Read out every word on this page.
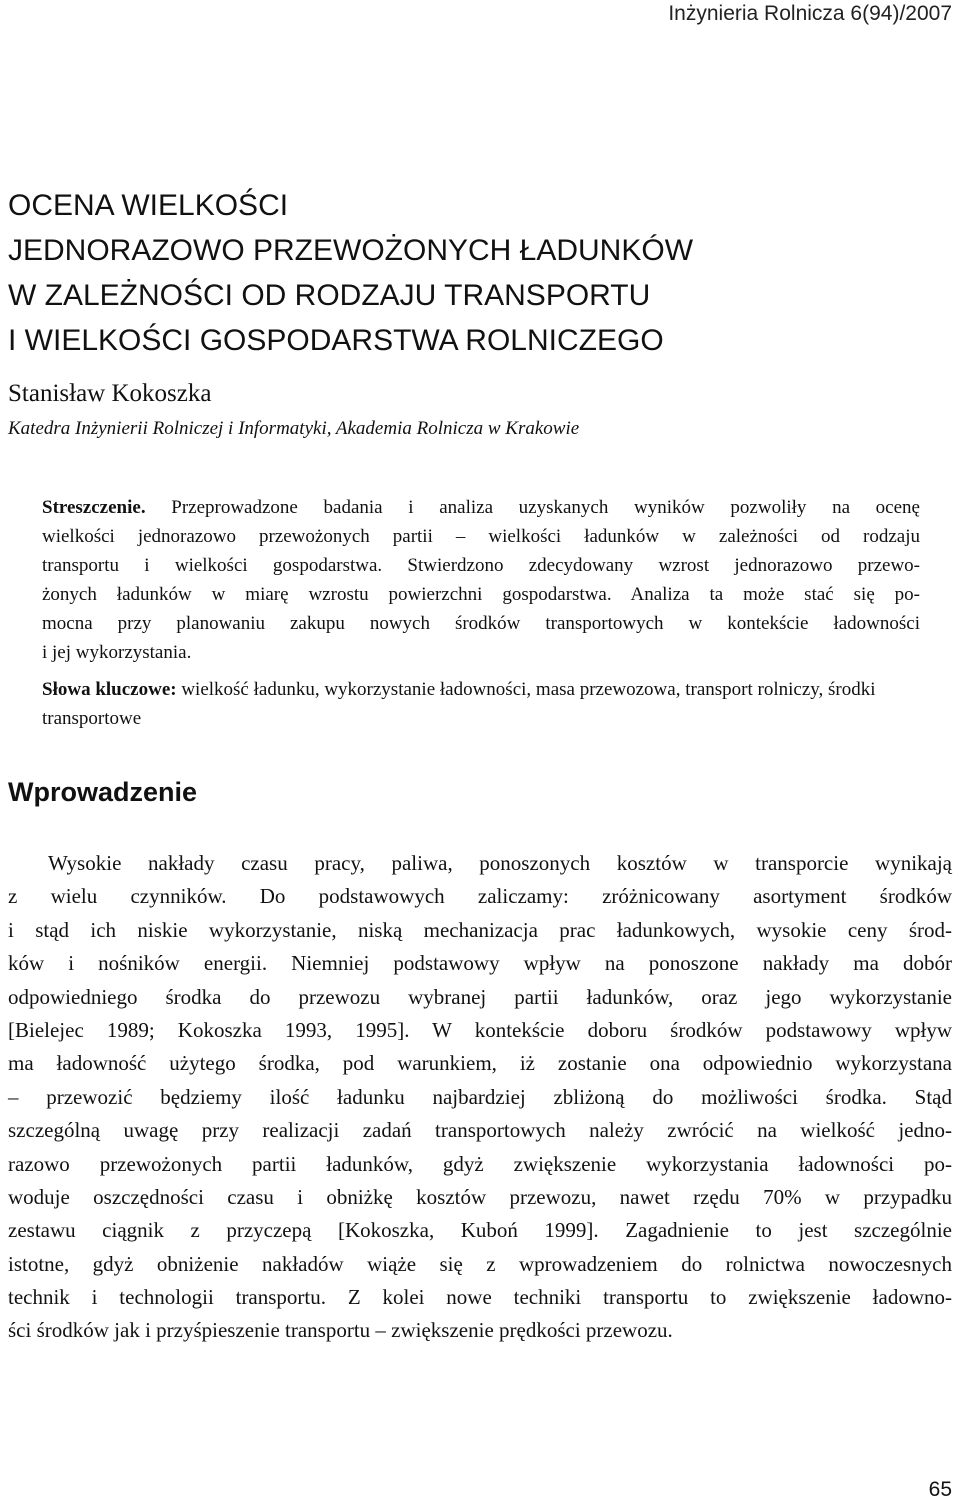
Inżynieria Rolnicza 6(94)/2007
OCENA WIELKOŚCI
JEDNORAZOWO PRZEWOŻONYCH ŁADUNKÓW
W ZALEŻNOŚCI OD RODZAJU TRANSPORTU
I WIELKOŚCI GOSPODARSTWA ROLNICZEGO
Stanisław Kokoszka
Katedra Inżynierii Rolniczej i Informatyki, Akademia Rolnicza w Krakowie
Streszczenie. Przeprowadzone badania i analiza uzyskanych wyników pozwoliły na ocenę
wielkości jednorazowo przewożonych partii – wielkości ładunków w zależności od rodzaju
transportu i wielkości gospodarstwa. Stwierdzono zdecydowany wzrost jednorazowo przewo-
żonych ładunków w miarę wzrostu powierzchni gospodarstwa. Analiza ta może stać się po-
mocna przy planowaniu zakupu nowych środków transportowych w kontekście ładowności
i jej wykorzystania.
Słowa kluczowe: wielkość ładunku, wykorzystanie ładowności, masa przewozowa, transport rolniczy, środki transportowe
Wprowadzenie
Wysokie nakłady czasu pracy, paliwa, ponoszonych kosztów w transporcie wynikają
z wielu czynników. Do podstawowych zaliczamy: zróżnicowany asortyment środków
i stąd ich niskie wykorzystanie, niską mechanizacja prac ładunkowych, wysokie ceny środ-
ków i nośników energii. Niemniej podstawowy wpływ na ponoszone nakłady ma dobór
odpowiedniego środka do przewozu wybranej partii ładunków, oraz jego wykorzystanie
[Bielejec 1989; Kokoszka 1993, 1995]. W kontekście doboru środków podstawowy wpływ
ma ładowność użytego środka, pod warunkiem, iż zostanie ona odpowiednio wykorzystana
– przewozić będziemy ilość ładunku najbardziej zbliżoną do możliwości środka. Stąd
szczególną uwagę przy realizacji zadań transportowych należy zwrócić na wielkość jedno-
razowo przewożonych partii ładunków, gdyż zwiększenie wykorzystania ładowności po-
woduje oszczędności czasu i obniżkę kosztów przewozu, nawet rzędu 70% w przypadku
zestawu ciągnik z przyczepą [Kokoszka, Kuboń 1999]. Zagadnienie to jest szczególnie
istotne, gdyż obniżenie nakładów wiąże się z wprowadzeniem do rolnictwa nowoczesnych
technik i technologii transportu. Z kolei nowe techniki transportu to zwiększenie ładowno-
ści środków jak i przyśpieszenie transportu – zwiększenie prędkości przewozu.
65
